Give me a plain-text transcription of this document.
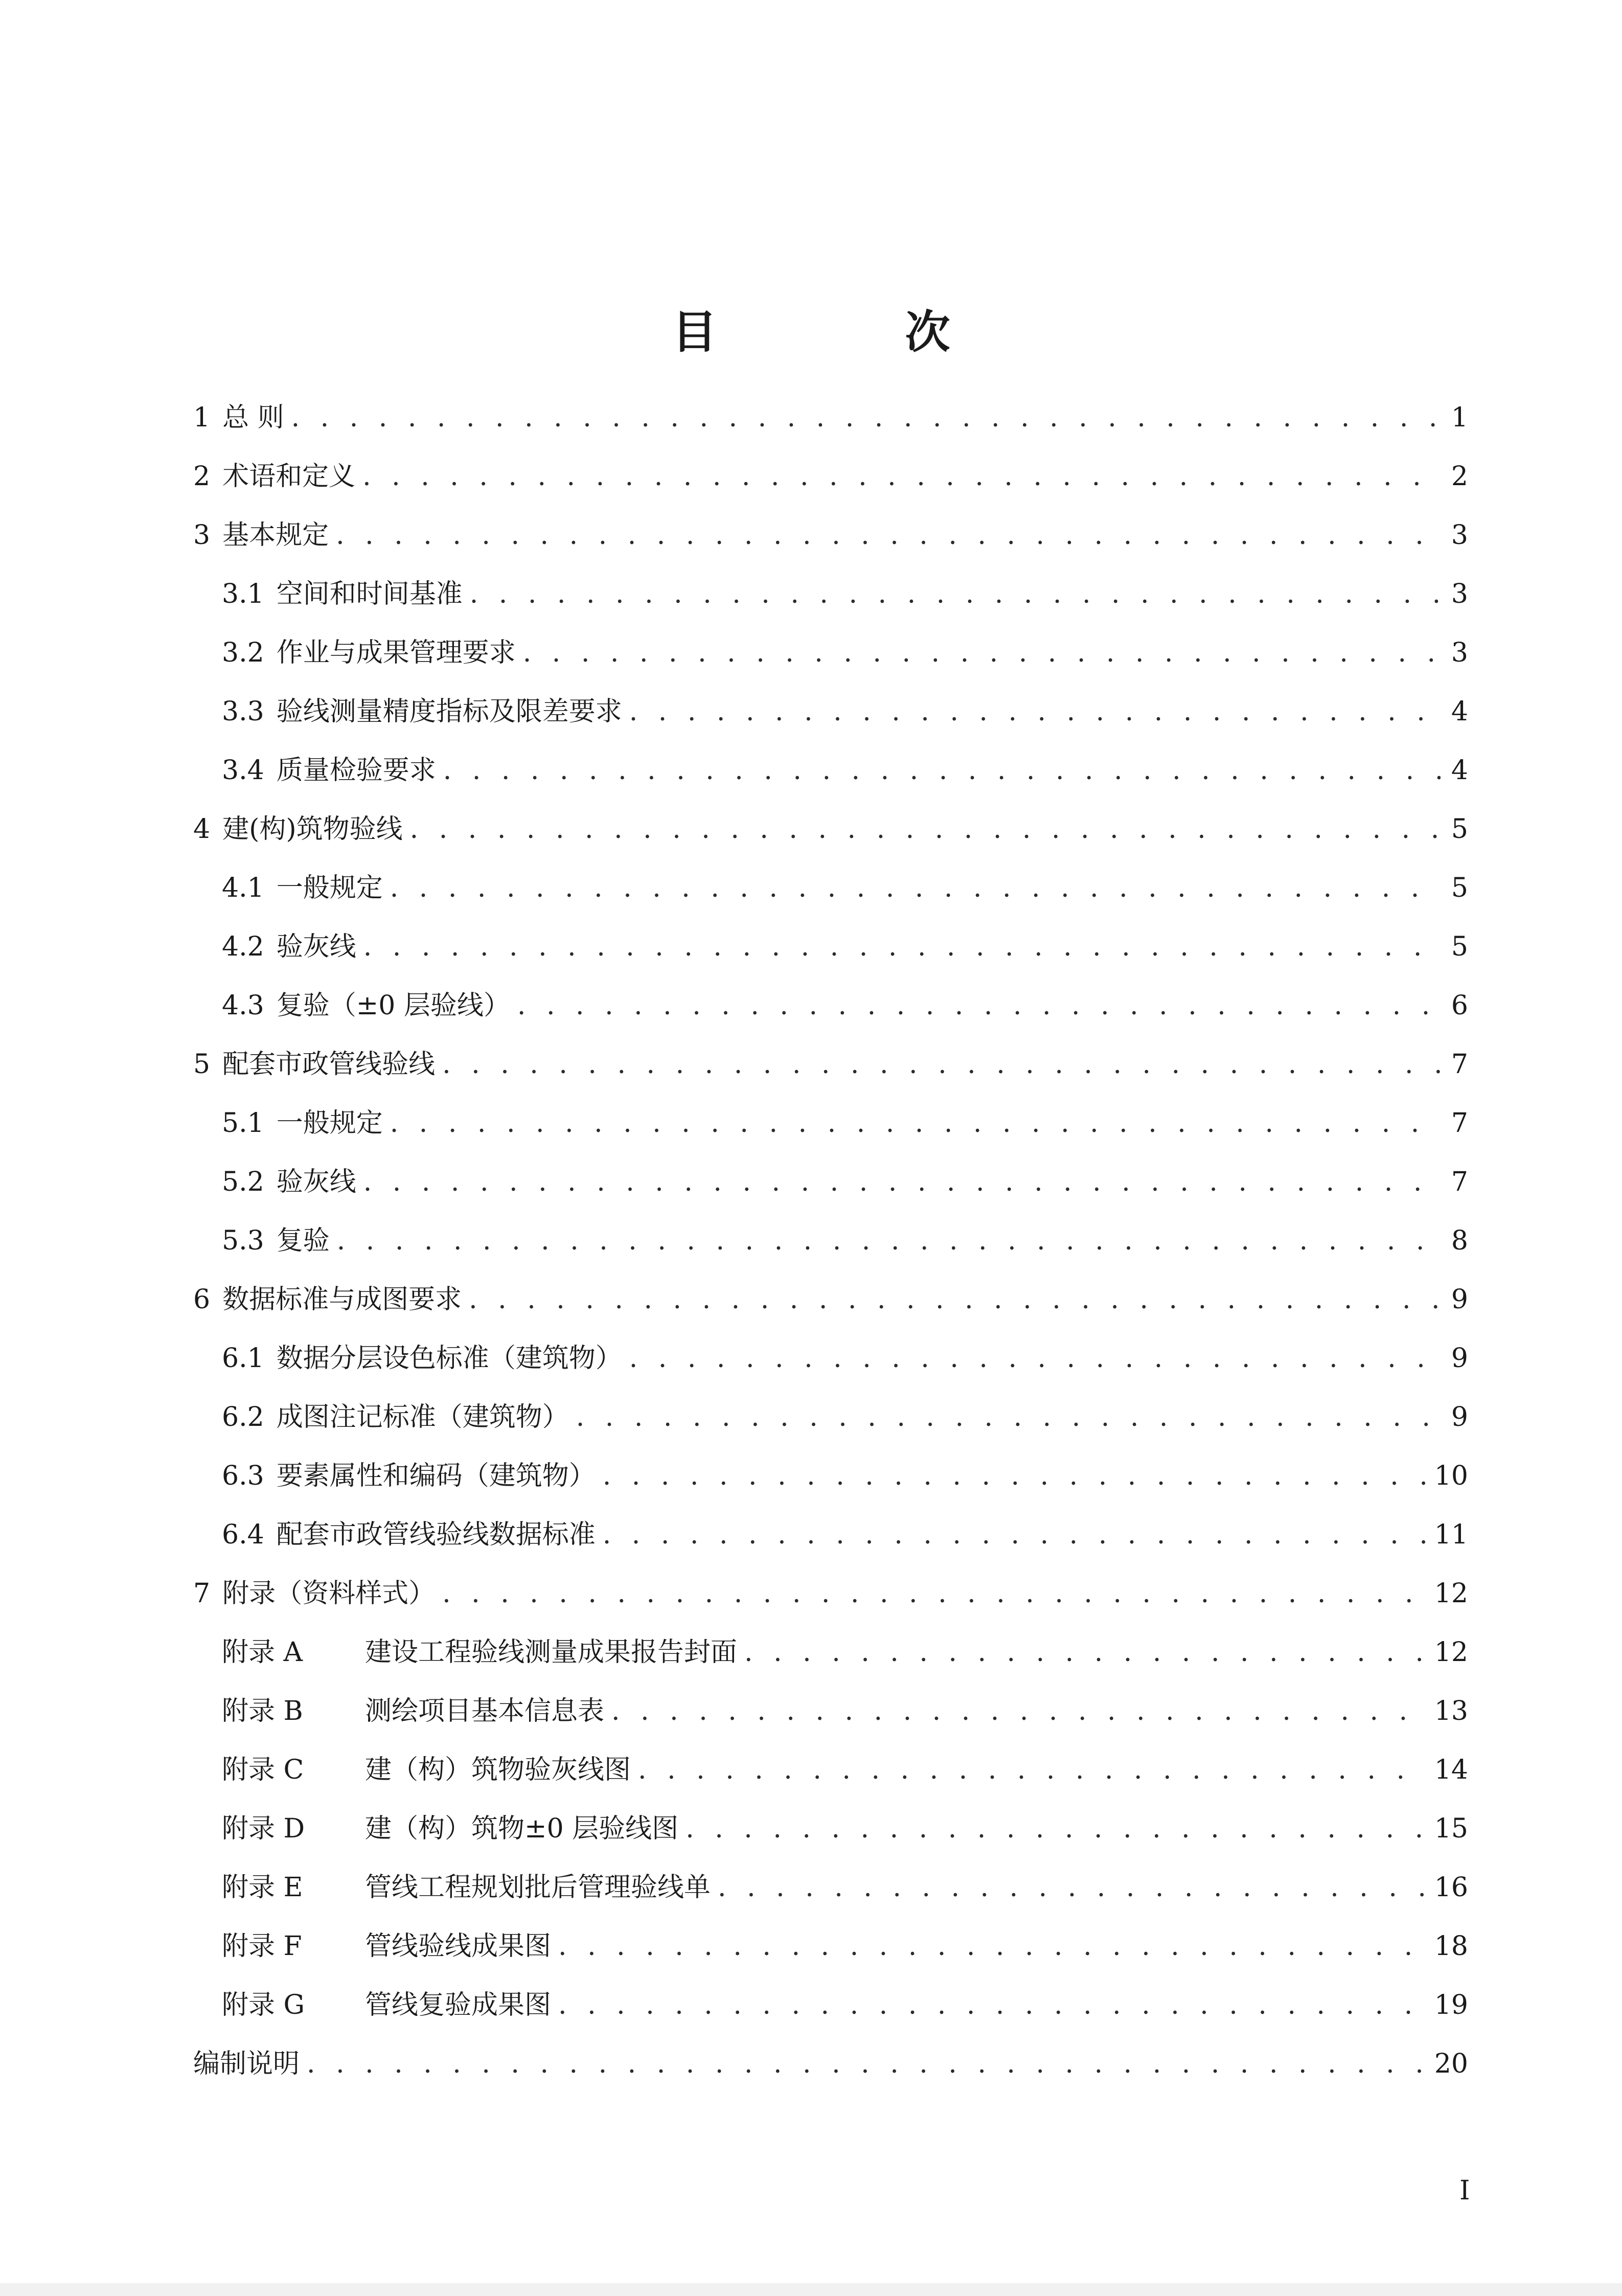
目　次
1 总 则 . . .	1
2 术语和定义 . . .	2
3 基本规定 . . .	3
3.1 空间和时间基准 . . .	3
3.2 作业与成果管理要求 . . .	3
3.3 验线测量精度指标及限差要求 . . .	4
3.4 质量检验要求 . . .	4
4 建(构)筑物验线 . . .	5
4.1 一般规定 . . .	5
4.2 验灰线 . . .	5
4.3 复验（±0 层验线） . . .	6
5 配套市政管线验线 . . .	7
5.1 一般规定 . . .	7
5.2 验灰线 . . .	7
5.3 复验 . . .	8
6 数据标准与成图要求 . . .	9
6.1 数据分层设色标准（建筑物） . . .	9
6.2 成图注记标准（建筑物） . . .	9
6.3 要素属性和编码（建筑物） . . .	10
6.4 配套市政管线验线数据标准 . . .	11
7 附录（资料样式） . . .	12
附录 A	建设工程验线测量成果报告封面 . . .	12
附录 B	测绘项目基本信息表 . . .	13
附录 C	建（构）筑物验灰线图 . . .	14
附录 D	建（构）筑物±0 层验线图 . . .	15
附录 E	管线工程规划批后管理验线单 . . .	16
附录 F	管线验线成果图 . . .	18
附录 G	管线复验成果图 . . .	19
编制说明 . . .	20
I
